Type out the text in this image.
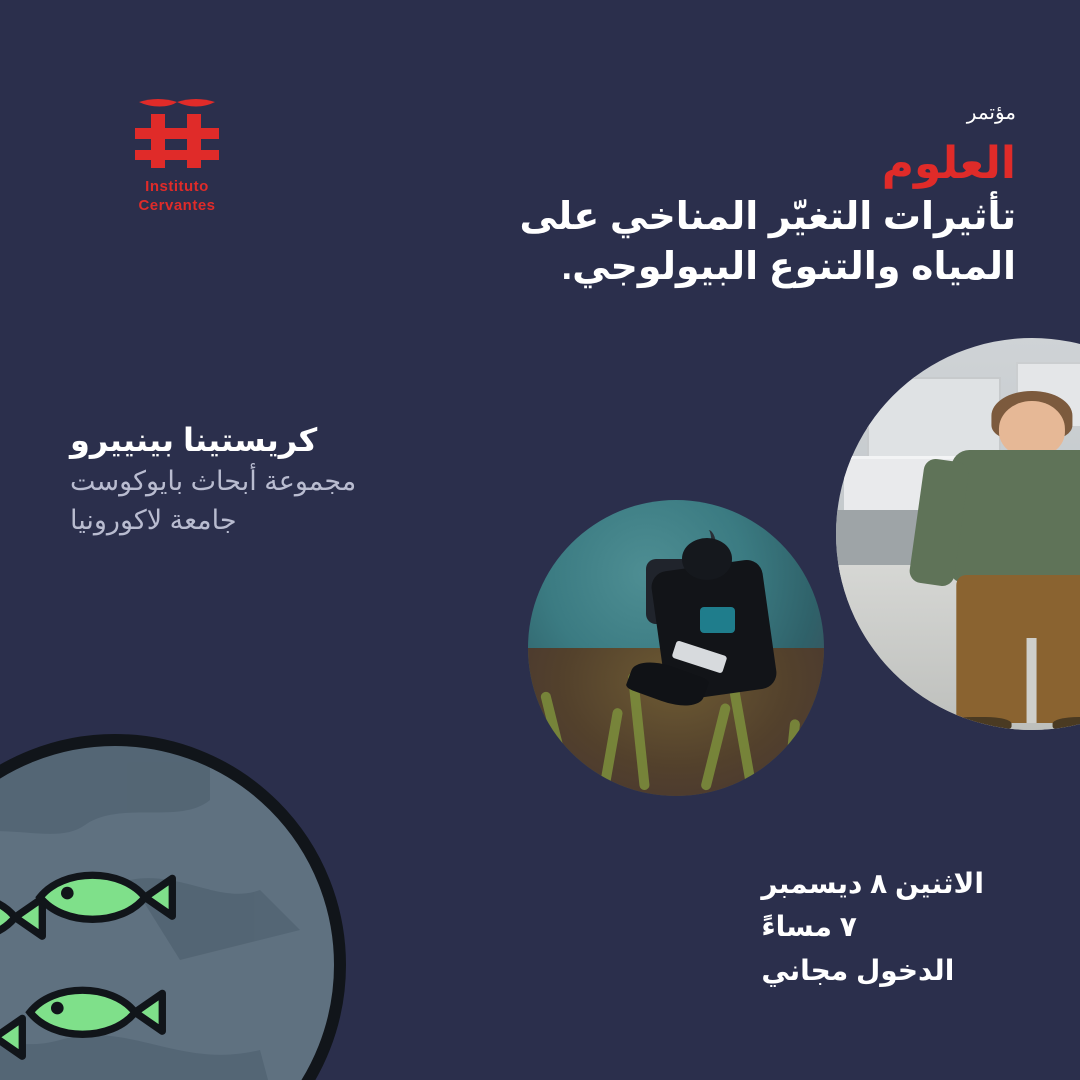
Instituto
Cervantes
مؤتمر
العلوم
تأثيرات التغيّر المناخي على
المياه والتنوع البيولوجي.
كريستينا بينييرو
مجموعة أبحاث بايوكوست
جامعة لاكورونيا
الاثنين ٨ ديسمبر
٧ مساءً
الدخول مجاني
